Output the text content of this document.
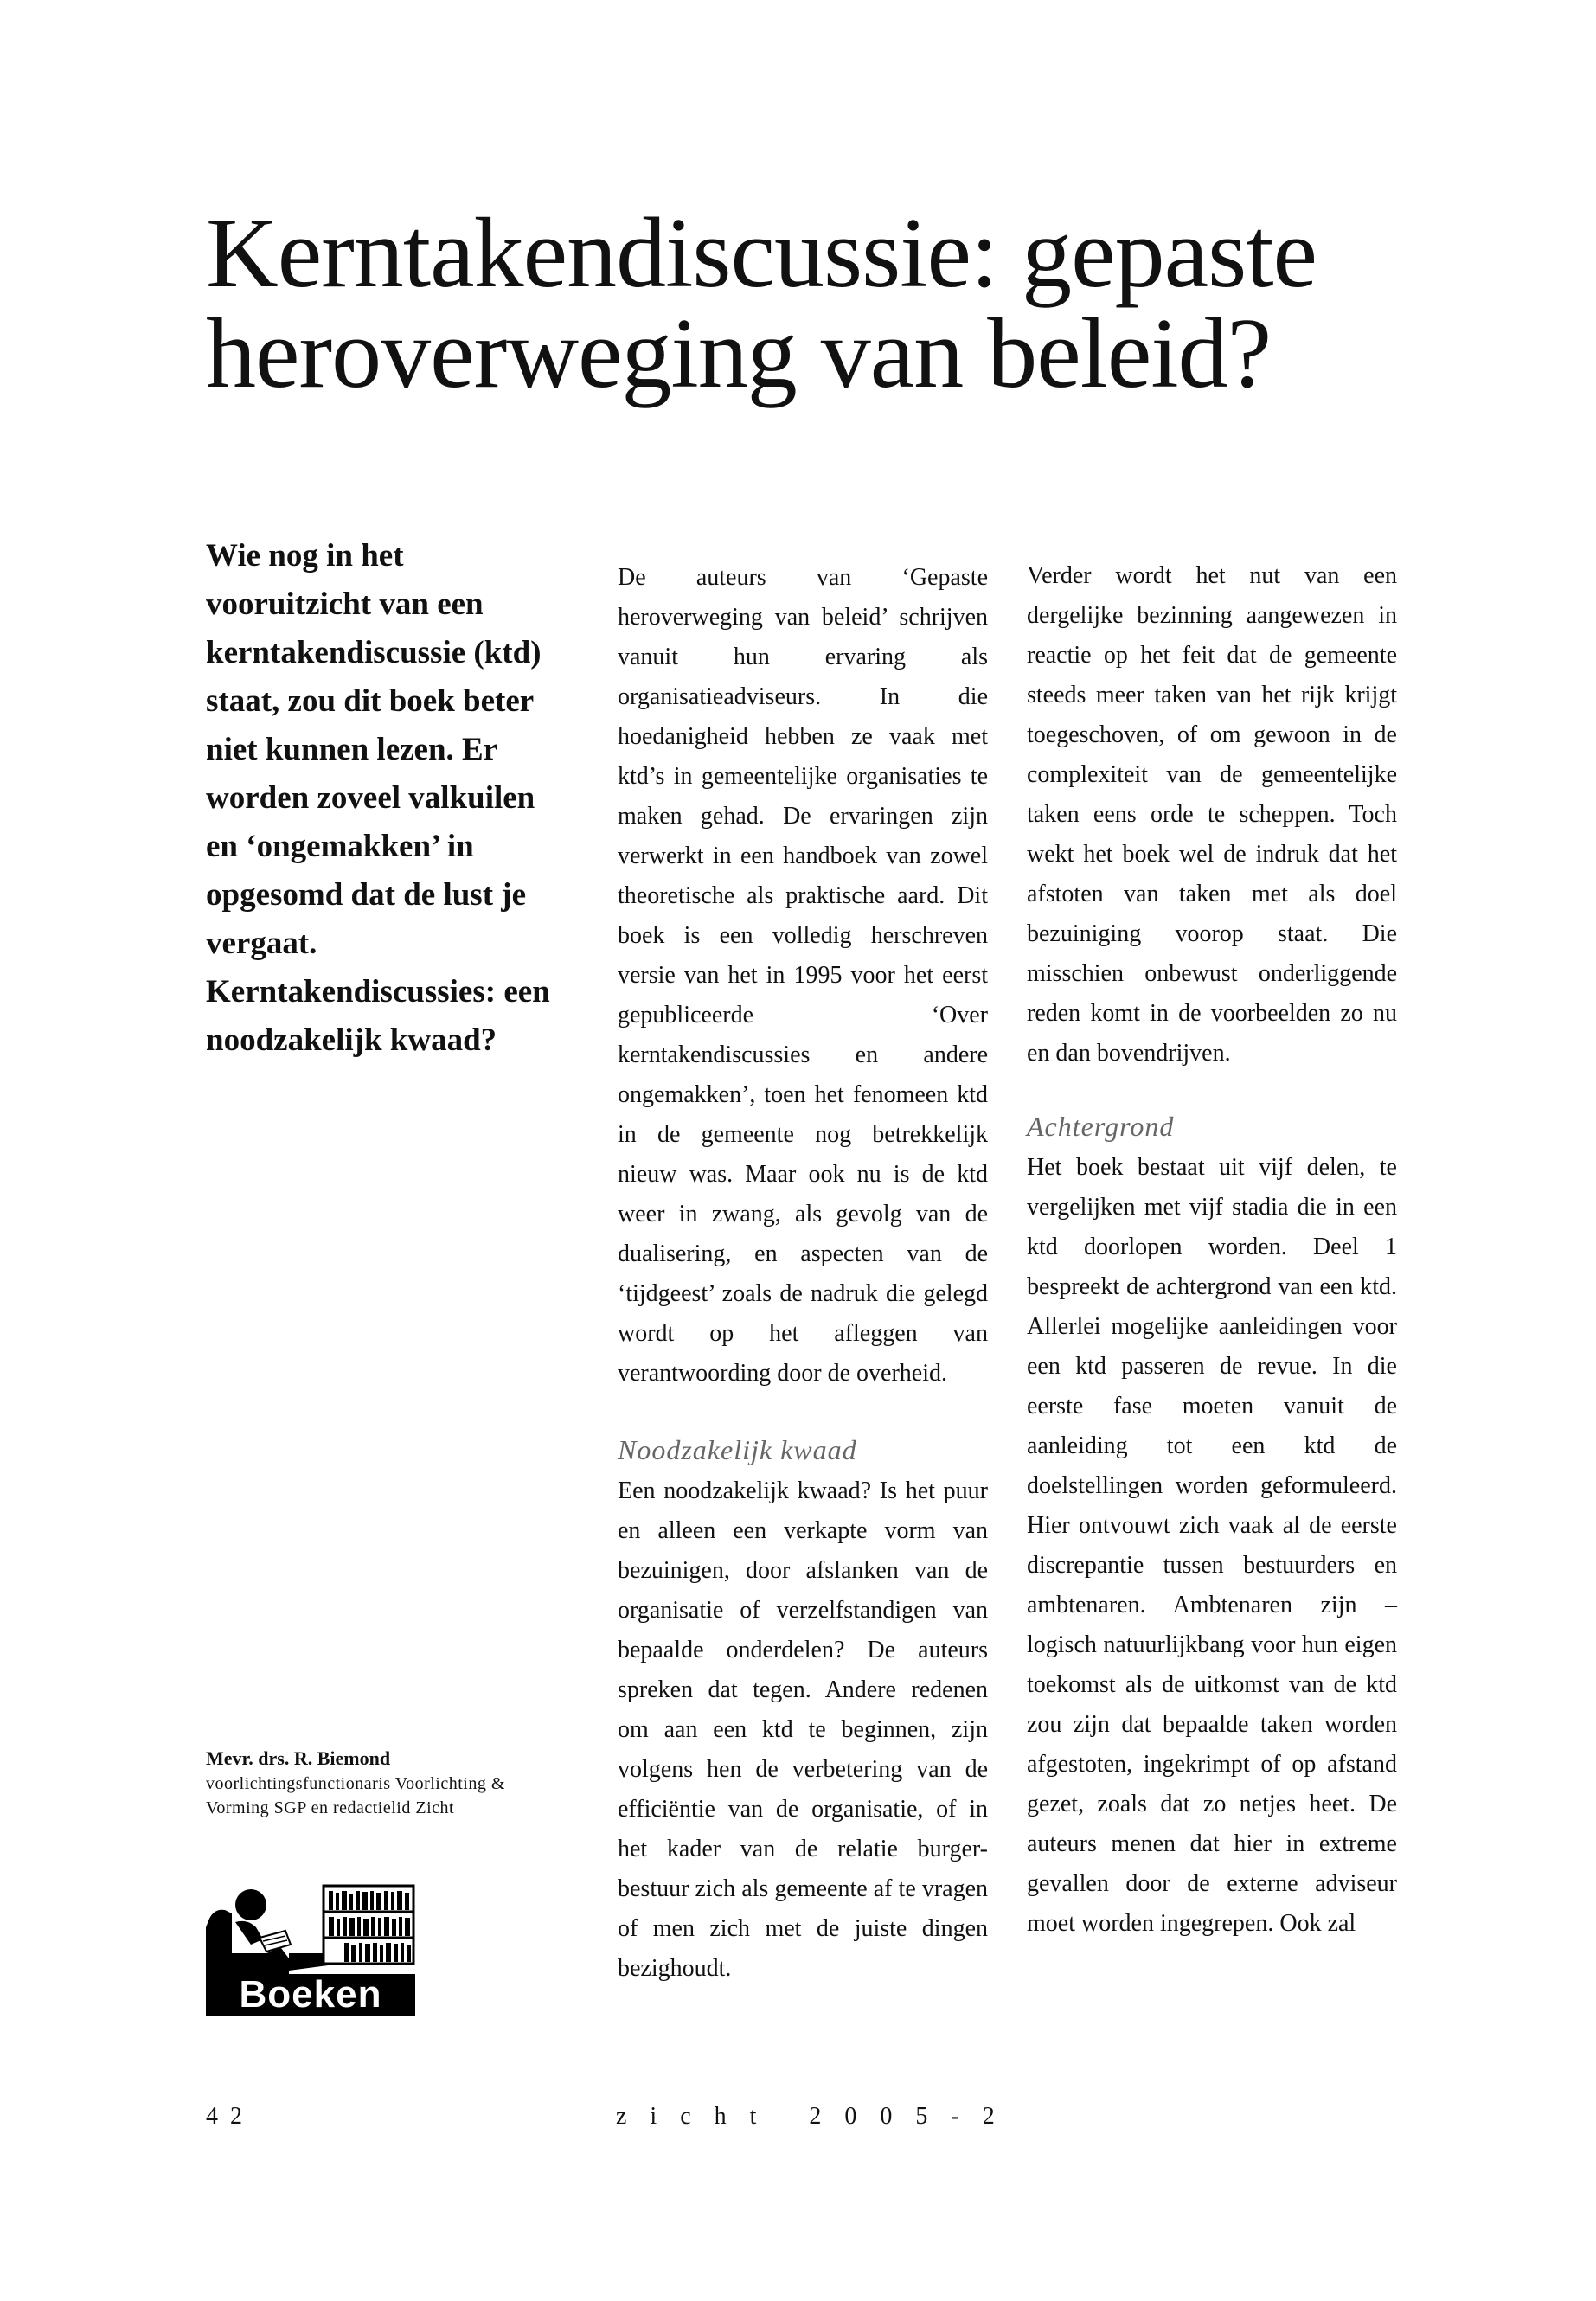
Kerntakendiscussie: gepaste
heroverweging van beleid?

Wie nog in het vooruitzicht van een kerntakendiscussie (ktd) staat, zou dit boek beter niet kunnen lezen. Er worden zoveel valkuilen en ‘ongemakken’ in opgesomd dat de lust je vergaat. Kerntakendiscussies: een noodzakelijk kwaad?

Mevr. drs. R. Biemond
voorlichtingsfunctionaris Voorlichting & Vorming SGP en redactielid Zicht
Boeken

De auteurs van ‘Gepaste heroverweging van beleid’ schrijven vanuit hun ervaring als organisatieadviseurs. In die hoedanigheid hebben ze vaak met ktd’s in gemeentelijke organisaties te maken gehad. De ervaringen zijn verwerkt in een handboek van zowel theoretische als praktische aard. Dit boek is een volledig herschreven versie van het in 1995 voor het eerst gepubliceerde ‘Over kerntakendiscussies en andere ongemakken’, toen het fenomeen ktd in de gemeente nog betrekkelijk nieuw was. Maar ook nu is de ktd weer in zwang, als gevolg van de dualisering, en aspecten van de ‘tijdgeest’ zoals de nadruk die gelegd wordt op het afleggen van verantwoording door de overheid.

Noodzakelijk kwaad

Een noodzakelijk kwaad? Is het puur en alleen een verkapte vorm van bezuinigen, door afslanken van de organisatie of verzelfstandigen van bepaalde onderdelen? De auteurs spreken dat tegen. Andere redenen om aan een ktd te beginnen, zijn volgens hen de verbetering van de efficiëntie van de organisatie, of in het kader van de relatie burger-bestuur zich als gemeente af te vragen of men zich met de juiste dingen bezighoudt.

Verder wordt het nut van een dergelijke bezinning aangewezen in reactie op het feit dat de gemeente steeds meer taken van het rijk krijgt toegeschoven, of om gewoon in de complexiteit van de gemeentelijke taken eens orde te scheppen. Toch wekt het boek wel de indruk dat het afstoten van taken met als doel bezuiniging voorop staat. Die misschien onbewust onderliggende reden komt in de voorbeelden zo nu en dan bovendrijven.

Achtergrond

Het boek bestaat uit vijf delen, te vergelijken met vijf stadia die in een ktd doorlopen worden. Deel 1 bespreekt de achtergrond van een ktd. Allerlei mogelijke aanleidingen voor een ktd passeren de revue. In die eerste fase moeten vanuit de aanleiding tot een ktd de doelstellingen worden geformuleerd. Hier ontvouwt zich vaak al de eerste discrepantie tussen bestuurders en ambtenaren. Ambtenaren zijn – logisch natuurlijkbang voor hun eigen toekomst als de uitkomst van de ktd zou zijn dat bepaalde taken worden afgestoten, ingekrimpt of op afstand gezet, zoals dat zo netjes heet. De auteurs menen dat hier in extreme gevallen door de externe adviseur moet worden ingegrepen. Ook zal

42	zicht 2005-2
